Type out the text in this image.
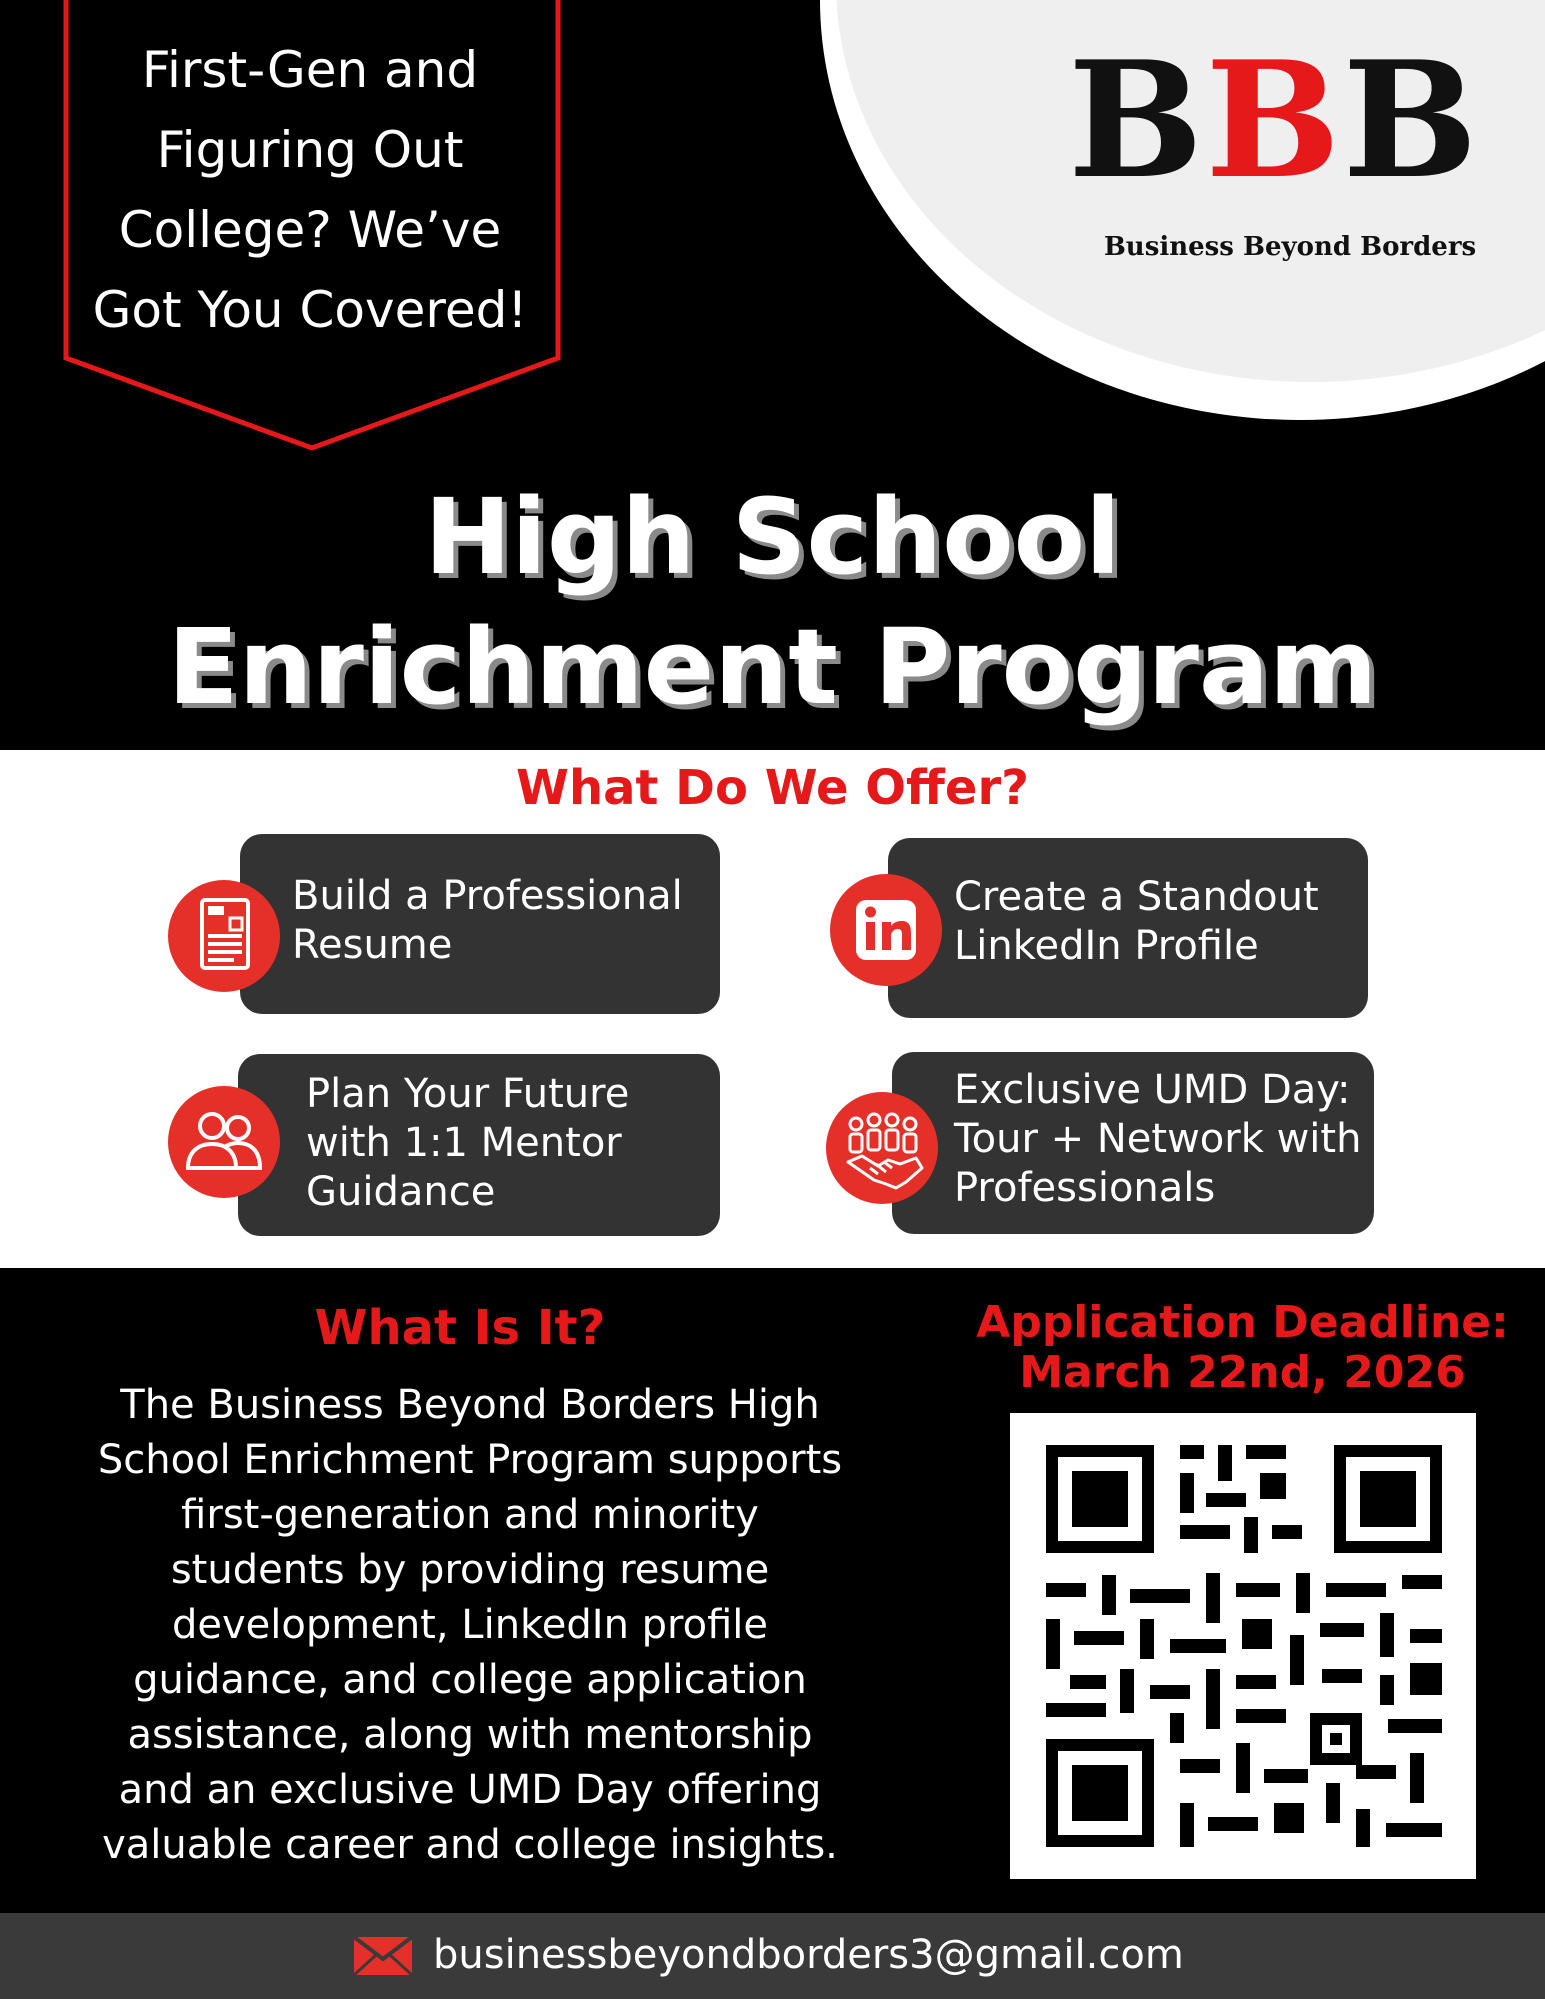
BBB
Business Beyond Borders
First-Gen and
Figuring Out
College? We’ve
Got You Covered!
High School
Enrichment Program
What Do We Offer?
Build a Professional
Resume
Create a Standout
LinkedIn Profile
Plan Your Future
with 1:1 Mentor
Guidance
Exclusive UMD Day:
Tour + Network with
Professionals
What Is It?
The Business Beyond Borders High
School Enrichment Program supports
first-generation and minority
students by providing resume
development, LinkedIn profile
guidance, and college application
assistance, along with mentorship
and an exclusive UMD Day offering
valuable career and college insights.
Application Deadline:
March 22nd, 2026
businessbeyondborders3@gmail.com
